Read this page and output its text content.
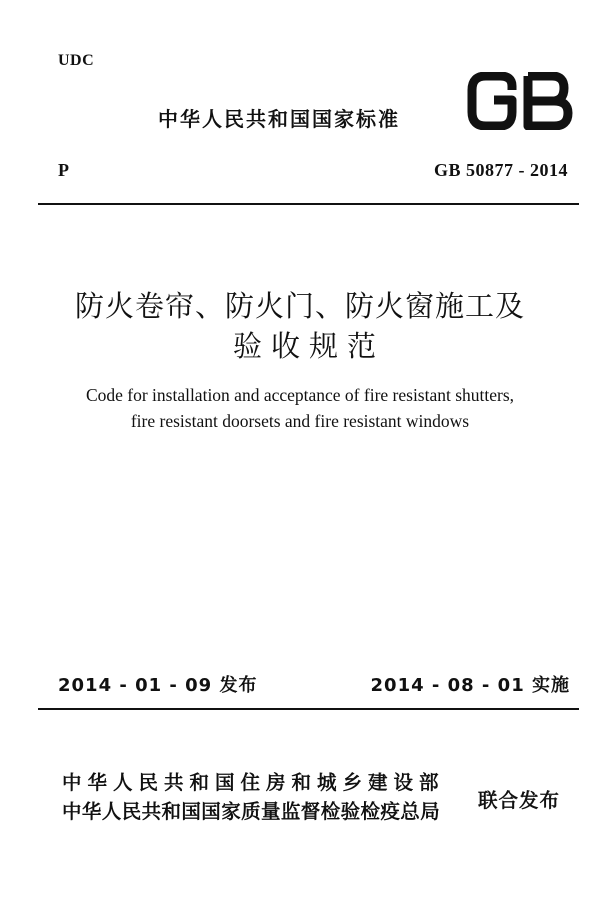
UDC
中华人民共和国国家标准
P	GB 50877 - 2014
防火卷帘、防火门、防火窗施工及
验收规范
Code for installation and acceptance of fire resistant shutters,
fire resistant doorsets and fire resistant windows
2014 - 01 - 09 发布	2014 - 08 - 01 实施
中华人民共和国住房和城乡建设部
中华人民共和国国家质量监督检验检疫总局 联合发布
